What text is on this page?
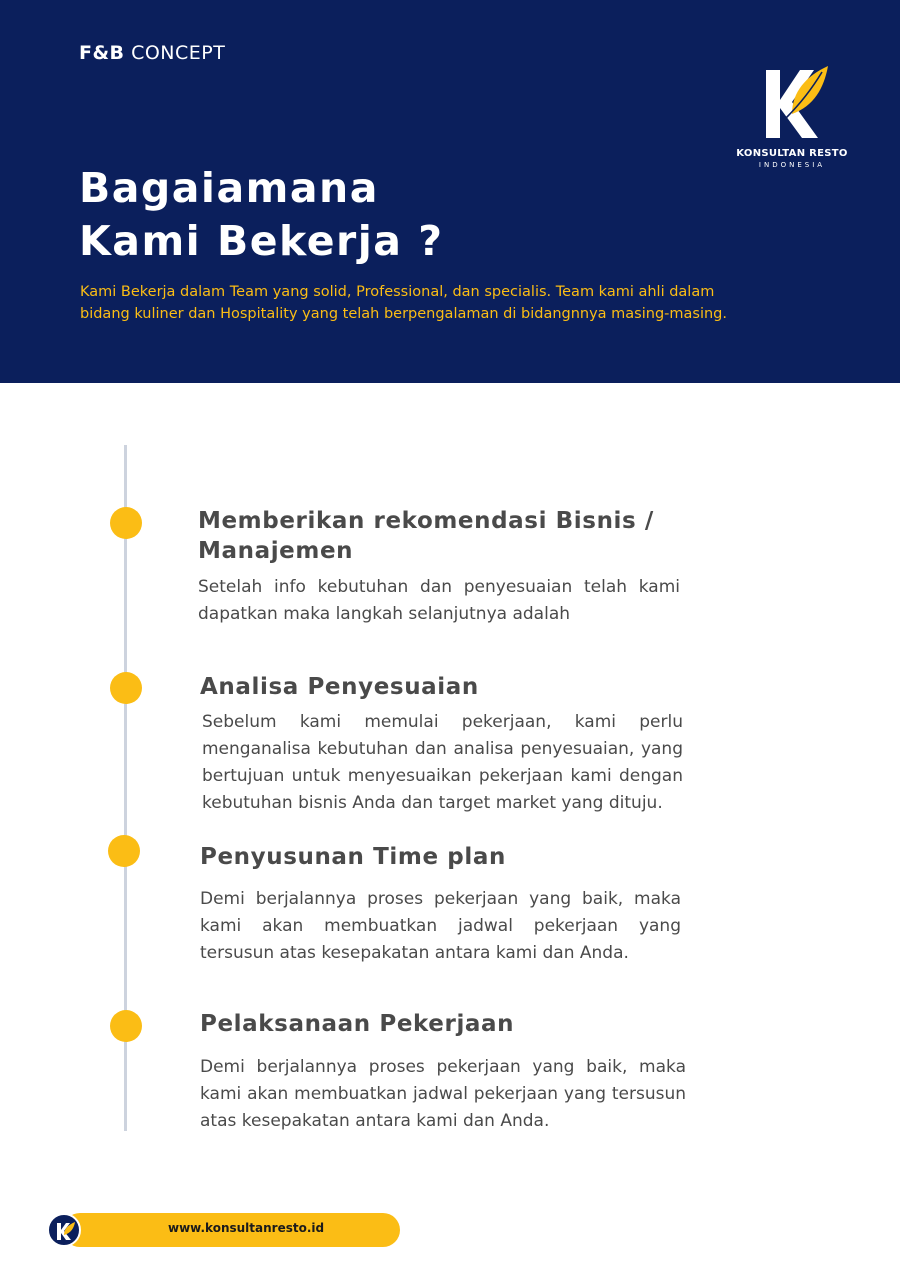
F&B CONCEPT
KONSULTAN RESTO
INDONESIA
Bagaiamana
Kami Bekerja ?
Kami Bekerja dalam Team yang solid, Professional, dan specialis. Team kami ahli dalam bidang kuliner dan Hospitality yang telah berpengalaman di bidangnnya masing-masing.
Memberikan rekomendasi Bisnis / Manajemen
Setelah info kebutuhan dan penyesuaian telah kami dapatkan maka langkah selanjutnya adalah
Analisa Penyesuaian
Sebelum kami memulai pekerjaan, kami perlu menganalisa kebutuhan dan analisa penyesuaian, yang bertujuan untuk menyesuaikan pekerjaan kami dengan kebutuhan bisnis Anda dan target market yang dituju.
Penyusunan Time plan
Demi berjalannya proses pekerjaan yang baik, maka kami akan membuatkan jadwal pekerjaan yang tersusun atas kesepakatan antara kami dan Anda.
Pelaksanaan Pekerjaan
Demi berjalannya proses pekerjaan yang baik, maka kami akan membuatkan jadwal pekerjaan yang tersusun atas kesepakatan antara kami dan Anda.
www.konsultanresto.id
